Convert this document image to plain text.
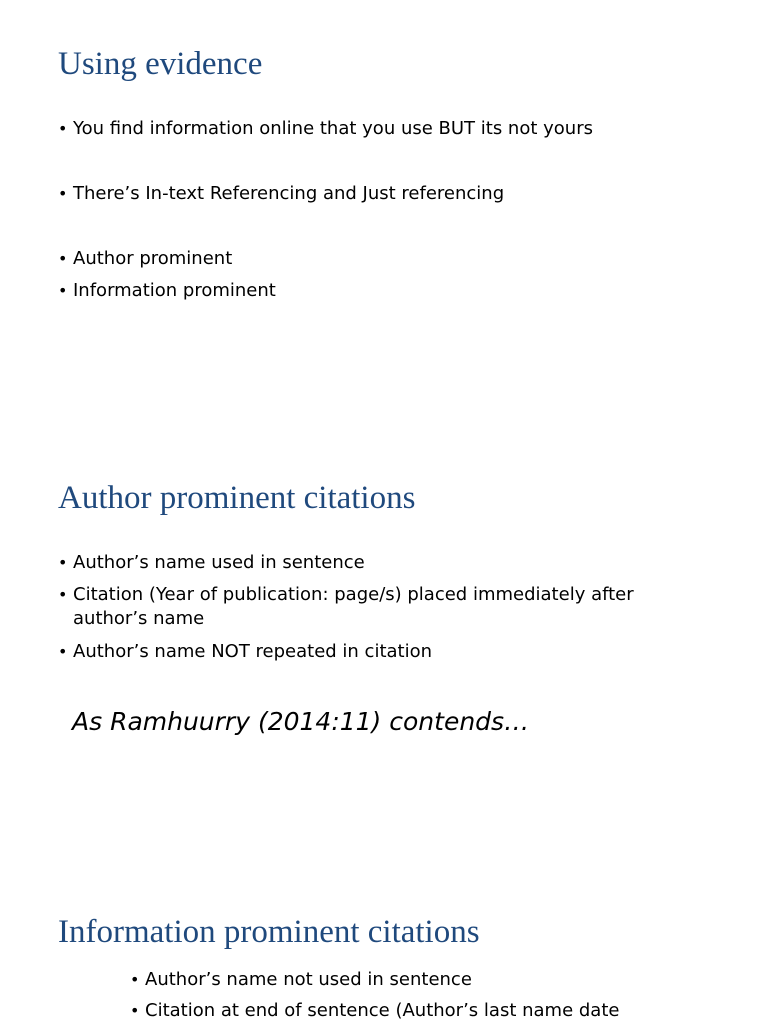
Using evidence
• You find information online that you use BUT its not yours
• There’s In-text Referencing and Just referencing
• Author prominent
• Information prominent
Author prominent citations
• Author’s name used in sentence
• Citation (Year of publication: page/s) placed immediately after author’s name
• Author’s name NOT repeated in citation

As Ramhuurry (2014:11) contends…

Information prominent citations
• Author’s name not used in sentence
• Citation at end of sentence (Author’s last name date
